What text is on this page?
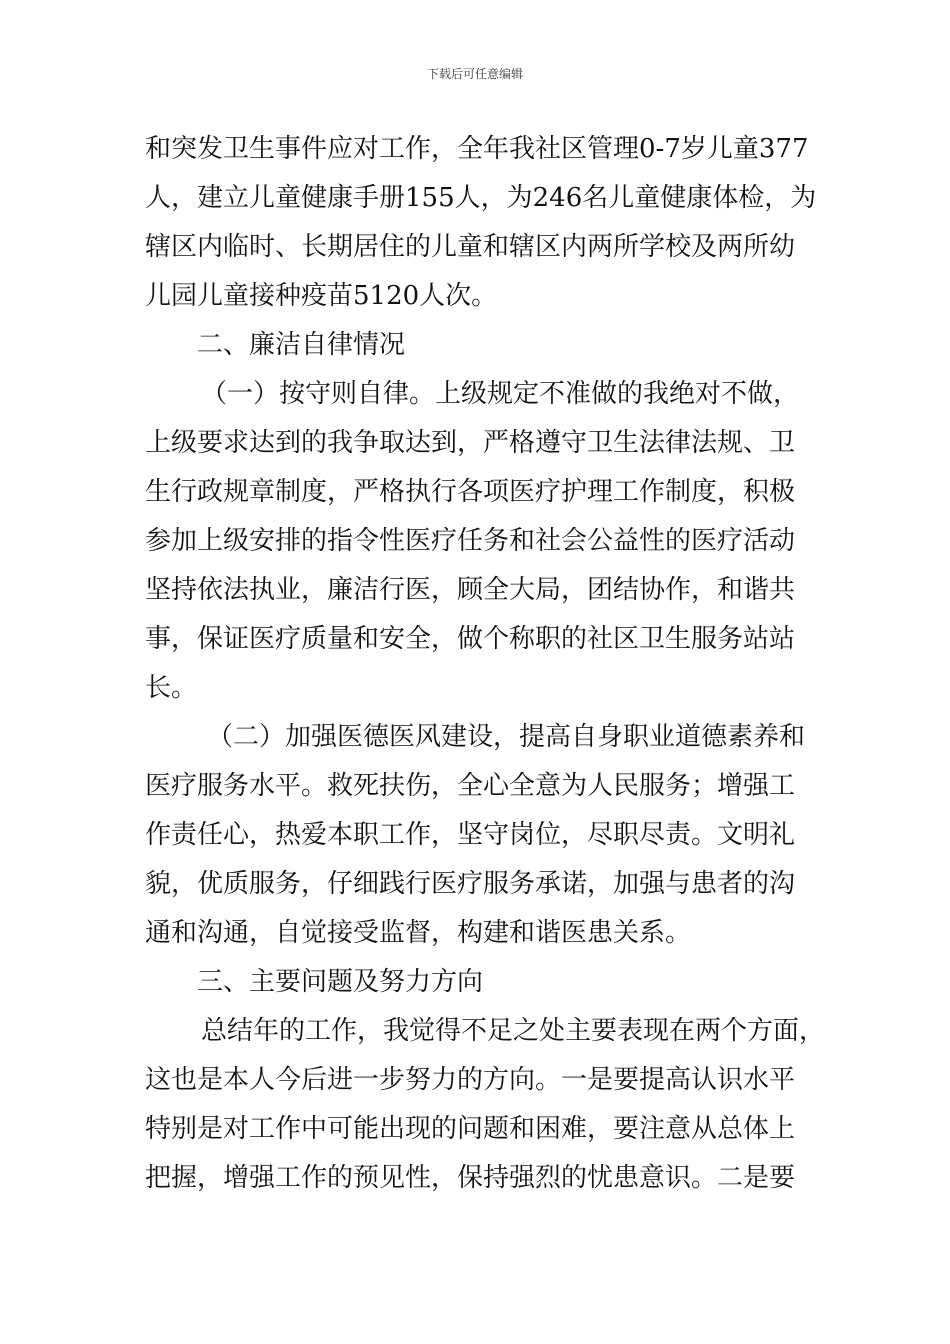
下载后可任意编辑
和突发卫生事件应对工作，全年我社区管理0-7岁儿童377
人，建立儿童健康手册155人，为246名儿童健康体检，为
辖区内临时、长期居住的儿童和辖区内两所学校及两所幼
儿园儿童接种疫苗5120人次。
二、廉洁自律情况
（一）按守则自律。上级规定不准做的我绝对不做，
上级要求达到的我争取达到，严格遵守卫生法律法规、卫
生行政规章制度，严格执行各项医疗护理工作制度，积极
参加上级安排的指令性医疗任务和社会公益性的医疗活动
坚持依法执业，廉洁行医，顾全大局，团结协作，和谐共
事，保证医疗质量和安全，做个称职的社区卫生服务站站
长。
（二）加强医德医风建设，提高自身职业道德素养和
医疗服务水平。救死扶伤，全心全意为人民服务；增强工
作责任心，热爱本职工作，坚守岗位，尽职尽责。文明礼
貌，优质服务，仔细践行医疗服务承诺，加强与患者的沟
通和沟通，自觉接受监督，构建和谐医患关系。
三、主要问题及努力方向
总结年的工作，我觉得不足之处主要表现在两个方面，
这也是本人今后进一步努力的方向。一是要提高认识水平
特别是对工作中可能出现的问题和困难，要注意从总体上
把握，增强工作的预见性，保持强烈的忧患意识。二是要
